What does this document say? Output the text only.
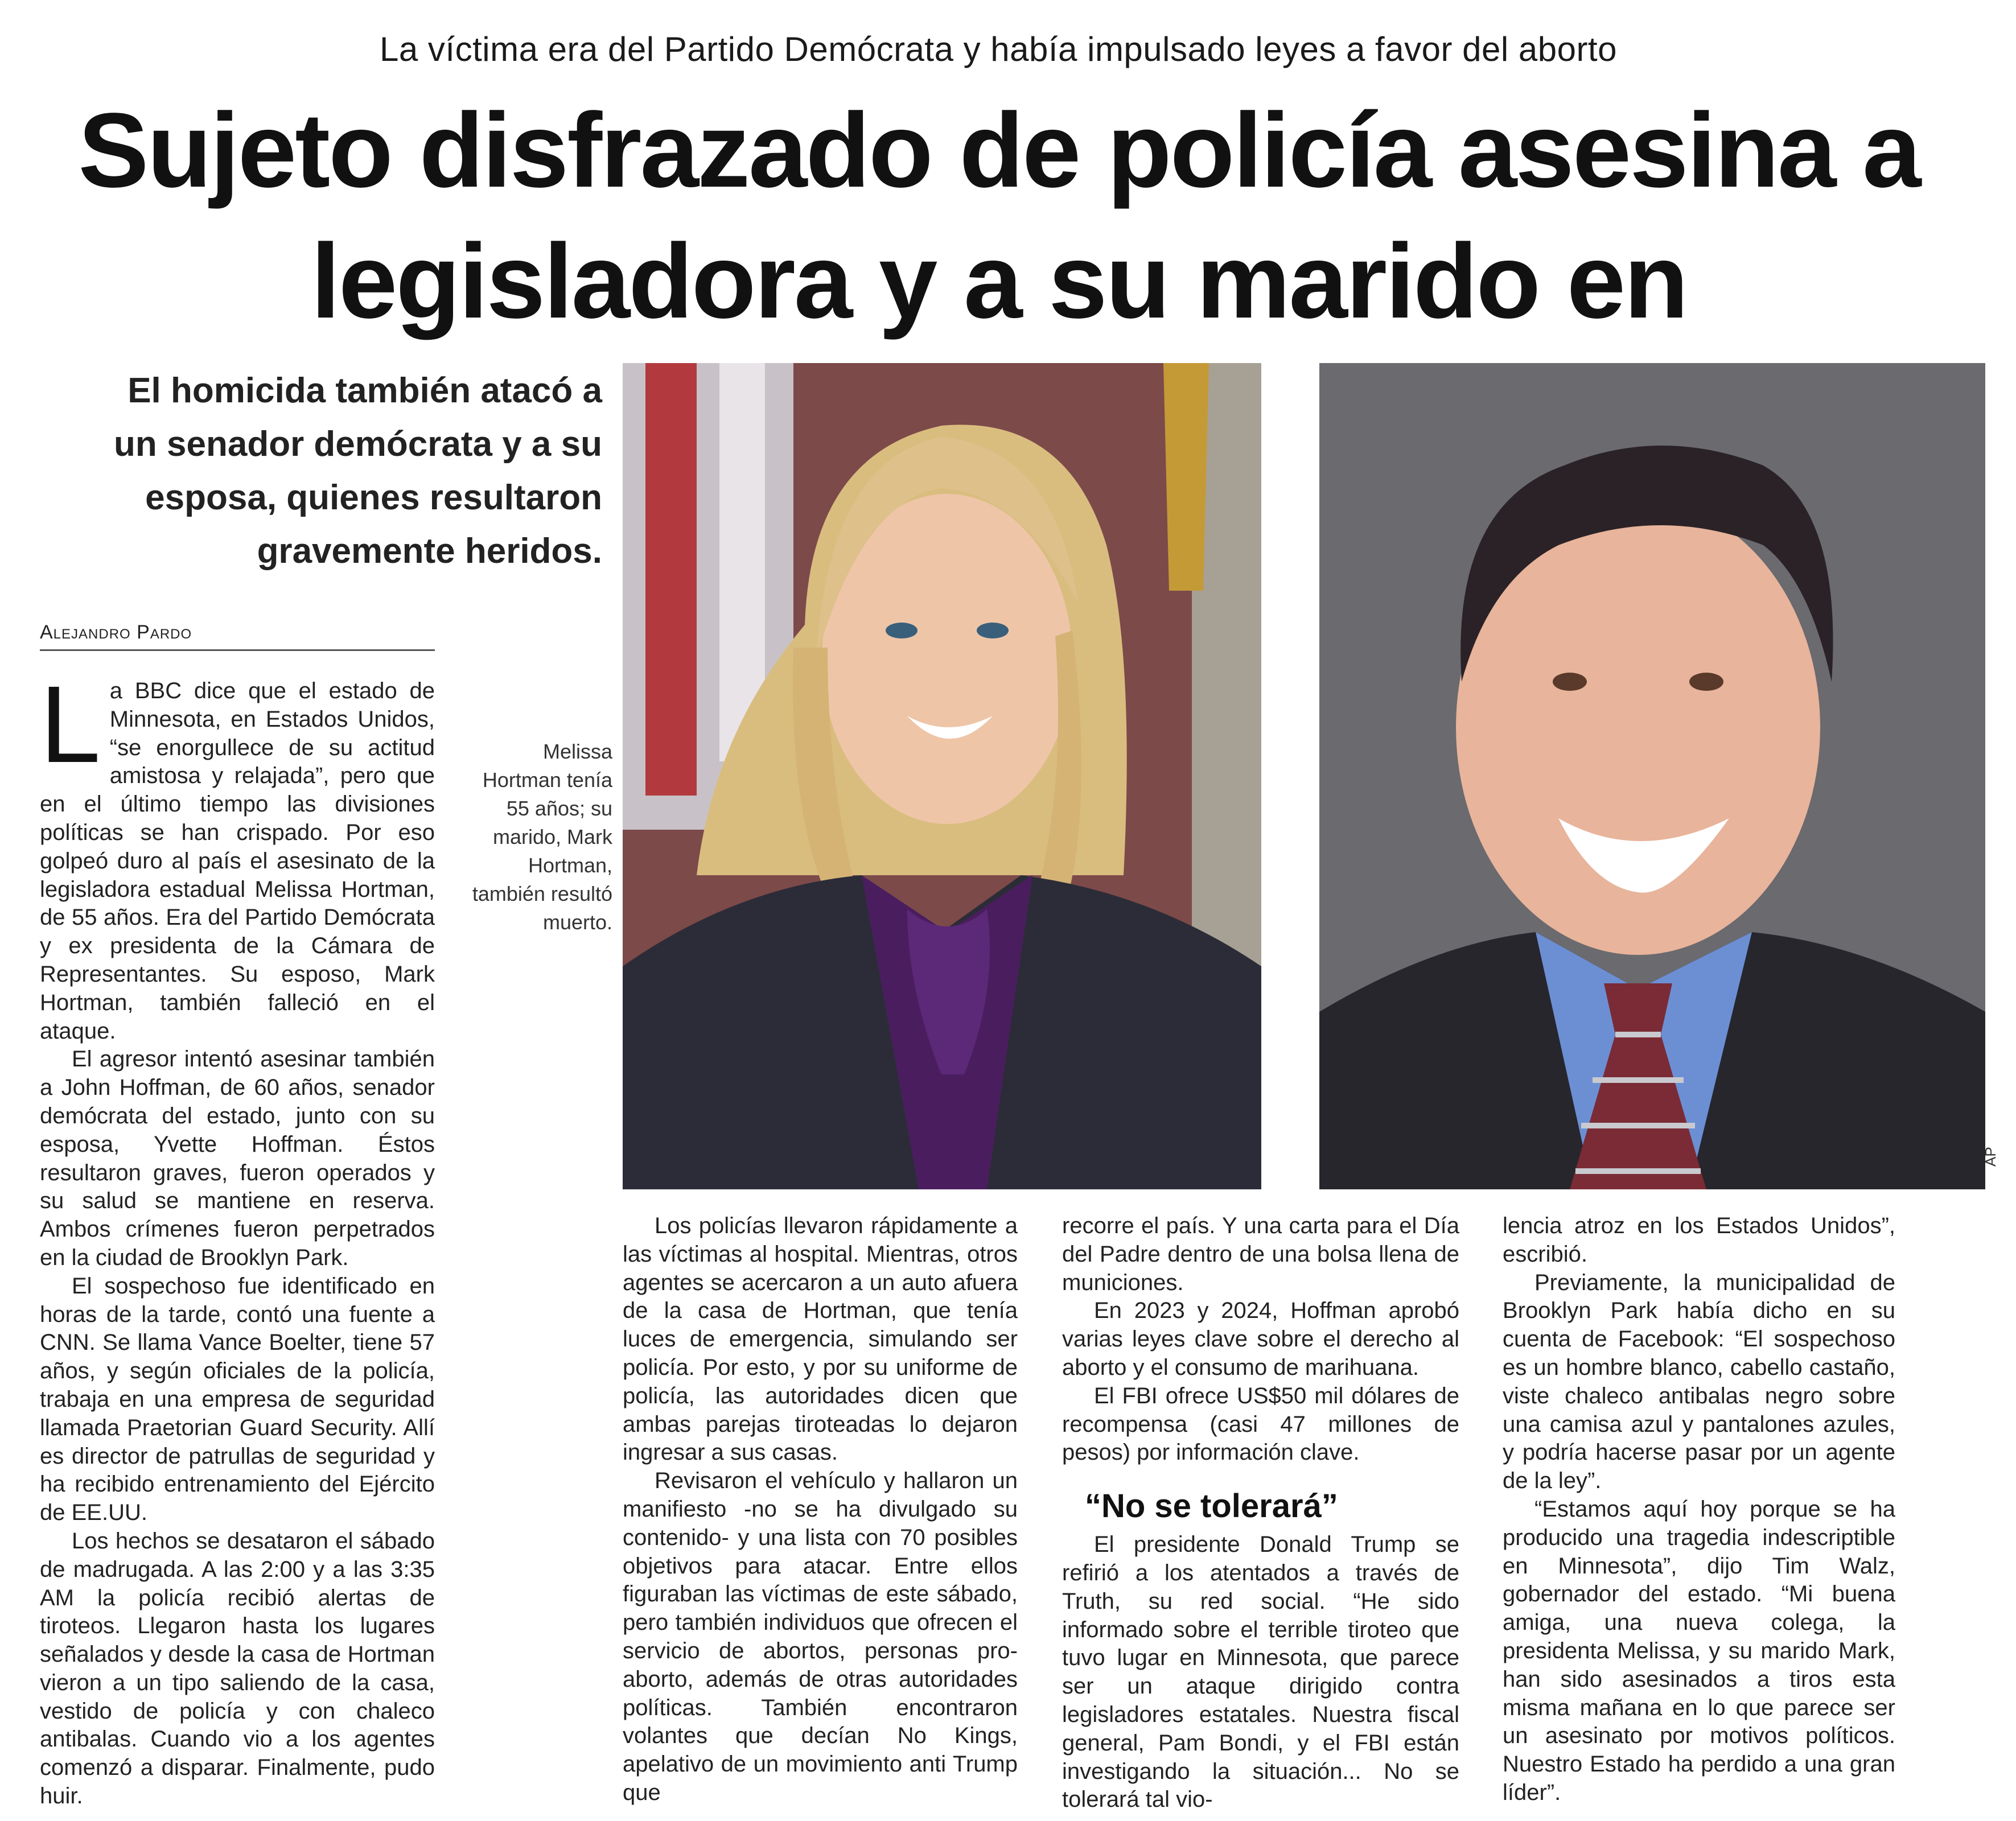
La víctima era del Partido Demócrata y había impulsado leyes a favor del aborto
Sujeto disfrazado de policía asesina a legisladora y a su marido en
El homicida también atacó a un senador demócrata y a su esposa, quienes resultaron gravemente heridos.
AP
Melissa Hortman tenía 55 años; su marido, Mark Hortman, también resultó muerto.
Alejandro Pardo

La BBC dice que el estado de Minnesota, en Estados Unidos, “se enorgullece de su actitud amistosa y relajada”, pero que en el último tiempo las divisiones políticas se han crispado. Por eso golpeó duro al país el asesinato de la legisladora estadual Melissa Hortman, de 55 años. Era del Partido Demócrata y ex presidenta de la Cámara de Representantes. Su esposo, Mark Hortman, también falleció en el ataque.

El agresor intentó asesinar también a John Hoffman, de 60 años, senador demócrata del estado, junto con su esposa, Yvette Hoffman. Éstos resultaron graves, fueron operados y su salud se mantiene en reserva. Ambos crímenes fueron perpetrados en la ciudad de Brooklyn Park.

El sospechoso fue identificado en horas de la tarde, contó una fuente a CNN. Se llama Vance Boelter, tiene 57 años, y según oficiales de la policía, trabaja en una empresa de seguridad llamada Praetorian Guard Security. Allí es director de patrullas de seguridad y ha recibido entrenamiento del Ejército de EE.UU.

Los hechos se desataron el sábado de madrugada. A las 2:00 y a las 3:35 AM la policía recibió alertas de tiroteos. Llegaron hasta los lugares señalados y desde la casa de Hortman vieron a un tipo saliendo de la casa, vestido de policía y con chaleco antibalas. Cuando vio a los agentes comenzó a disparar. Finalmente, pudo huir.

Los policías llevaron rápidamente a las víctimas al hospital. Mientras, otros agentes se acercaron a un auto afuera de la casa de Hortman, que tenía luces de emergencia, simulando ser policía. Por esto, y por su uniforme de policía, las autoridades dicen que ambas parejas tiroteadas lo dejaron ingresar a sus casas.

Revisaron el vehículo y hallaron un manifiesto -no se ha divulgado su contenido- y una lista con 70 posibles objetivos para atacar. Entre ellos figuraban las víctimas de este sábado, pero también individuos que ofrecen el servicio de abortos, personas pro-aborto, además de otras autoridades políticas. También encontraron volantes que decían No Kings, apelativo de un movimiento anti Trump que

recorre el país. Y una carta para el Día del Padre dentro de una bolsa llena de municiones.

En 2023 y 2024, Hoffman aprobó varias leyes clave sobre el derecho al aborto y el consumo de marihuana.

El FBI ofrece US$50 mil dólares de recompensa (casi 47 millones de pesos) por información clave.

“No se tolerará”

El presidente Donald Trump se refirió a los atentados a través de Truth, su red social. “He sido informado sobre el terrible tiroteo que tuvo lugar en Minnesota, que parece ser un ataque dirigido contra legisladores estatales. Nuestra fiscal general, Pam Bondi, y el FBI están investigando la situación... No se tolerará tal vio-

lencia atroz en los Estados Unidos”, escribió.

Previamente, la municipalidad de Brooklyn Park había dicho en su cuenta de Facebook: “El sospechoso es un hombre blanco, cabello castaño, viste chaleco antibalas negro sobre una camisa azul y pantalones azules, y podría hacerse pasar por un agente de la ley”.

“Estamos aquí hoy porque se ha producido una tragedia indescriptible en Minnesota”, dijo Tim Walz, gobernador del estado. “Mi buena amiga, una nueva colega, la presidenta Melissa, y su marido Mark, han sido asesinados a tiros esta misma mañana en lo que parece ser un asesinato por motivos políticos. Nuestro Estado ha perdido a una gran líder”.
